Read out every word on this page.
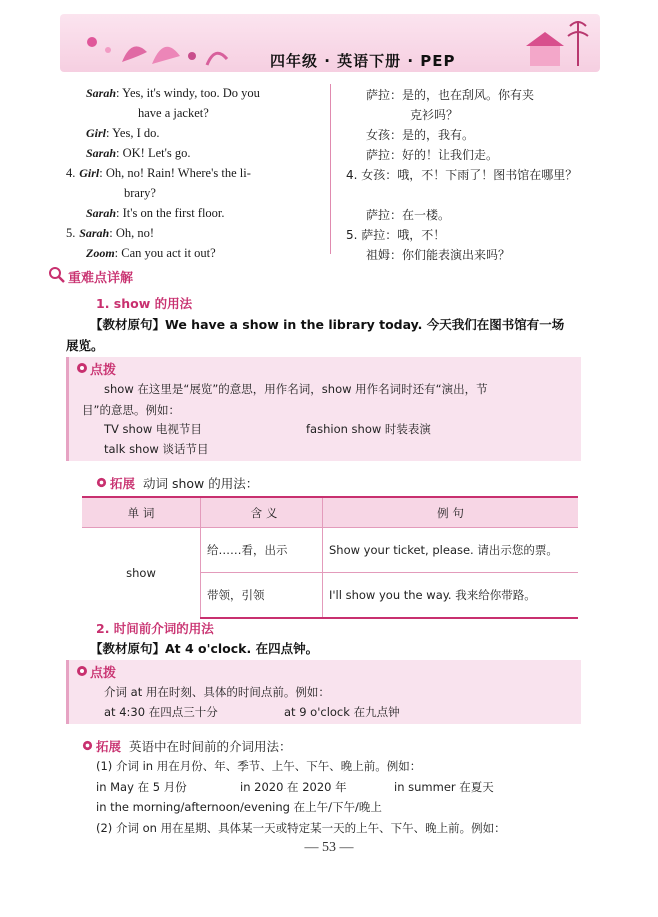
四年级 · 英语下册 · PEP
Sarah: Yes, it's windy, too. Do you
have a jacket?
Girl: Yes, I do.
Sarah: OK! Let's go.
4. Girl: Oh, no! Rain! Where's the li-
brary?
Sarah: It's on the first floor.
5. Sarah: Oh, no!
Zoom: Can you act it out?
萨拉：是的，也在刮风。你有夹
克衫吗？
女孩：是的，我有。
萨拉：好的！让我们走。
4. 女孩：哦，不！下雨了！图书馆在哪里？
萨拉：在一楼。
5. 萨拉：哦，不！
祖姆：你们能表演出来吗？
重难点详解
1. show 的用法
【教材原句】We have a show in the library today. 今天我们在图书馆有一场
展览。
点拨
show 在这里是“展览”的意思，用作名词，show 用作名词时还有“演出，节
目”的意思。例如：
TV show 电视节目	fashion show 时装表演
talk show 谈话节目
拓展 动词 show 的用法：
单 词	含 义	例 句
show	给……看，出示	Show your ticket, please. 请出示您的票。
	带领，引领	I'll show you the way. 我来给你带路。
2. 时间前介词的用法
【教材原句】At 4 o'clock. 在四点钟。
点拨
介词 at 用在时刻、具体的时间点前。例如：
at 4:30 在四点三十分	at 9 o'clock 在九点钟
拓展 英语中在时间前的介词用法：
(1) 介词 in 用在月份、年、季节、上午、下午、晚上前。例如：
in May 在 5 月份	in 2020 在 2020 年	in summer 在夏天
in the morning/afternoon/evening 在上午/下午/晚上
(2) 介词 on 用在星期、具体某一天或特定某一天的上午、下午、晚上前。例如：
— 53 —
